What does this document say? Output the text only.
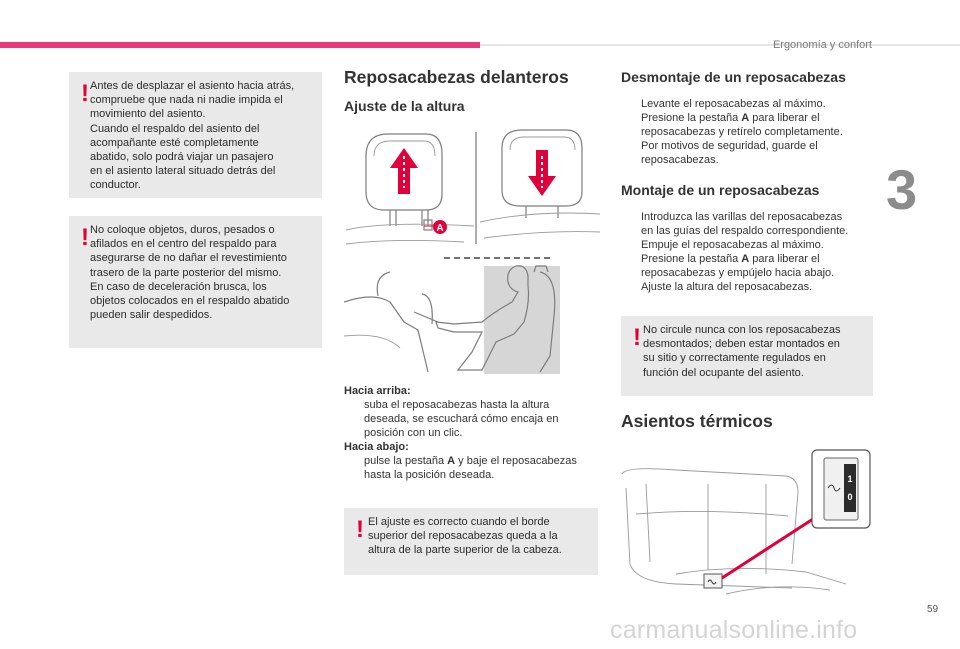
Ergonomía y confort
3
! Antes de desplazar el asiento hacia atrás,
compruebe que nada ni nadie impida el
movimiento del asiento.
Cuando el respaldo del asiento del
acompañante esté completamente
abatido, solo podrá viajar un pasajero
en el asiento lateral situado detrás del
conductor.

! No coloque objetos, duros, pesados o
afilados en el centro del respaldo para
asegurarse de no dañar el revestimiento
trasero de la parte posterior del mismo.
En caso de deceleración brusca, los
objetos colocados en el respaldo abatido
pueden salir despedidos.

Reposacabezas delanteros
Ajuste de la altura
A
Hacia arriba:
suba el reposacabezas hasta la altura
deseada, se escuchará cómo encaja en
posición con un clic.
Hacia abajo:
pulse la pestaña A y baje el reposacabezas
hasta la posición deseada.
! El ajuste es correcto cuando el borde
superior del reposacabezas queda a la
altura de la parte superior de la cabeza.

Desmontaje de un reposacabezas
Levante el reposacabezas al máximo.
Presione la pestaña A para liberar el
reposacabezas y retírelo completamente.
Por motivos de seguridad, guarde el
reposacabezas.
Montaje de un reposacabezas
Introduzca las varillas del reposacabezas
en las guías del respaldo correspondiente.
Empuje el reposacabezas al máximo.
Presione la pestaña A para liberar el
reposacabezas y empújelo hacia abajo.
Ajuste la altura del reposacabezas.
! No circule nunca con los reposacabezas
desmontados; deben estar montados en
su sitio y correctamente regulados en
función del ocupante del asiento.

Asientos térmicos
1
0
59
carmanualsonline.info
